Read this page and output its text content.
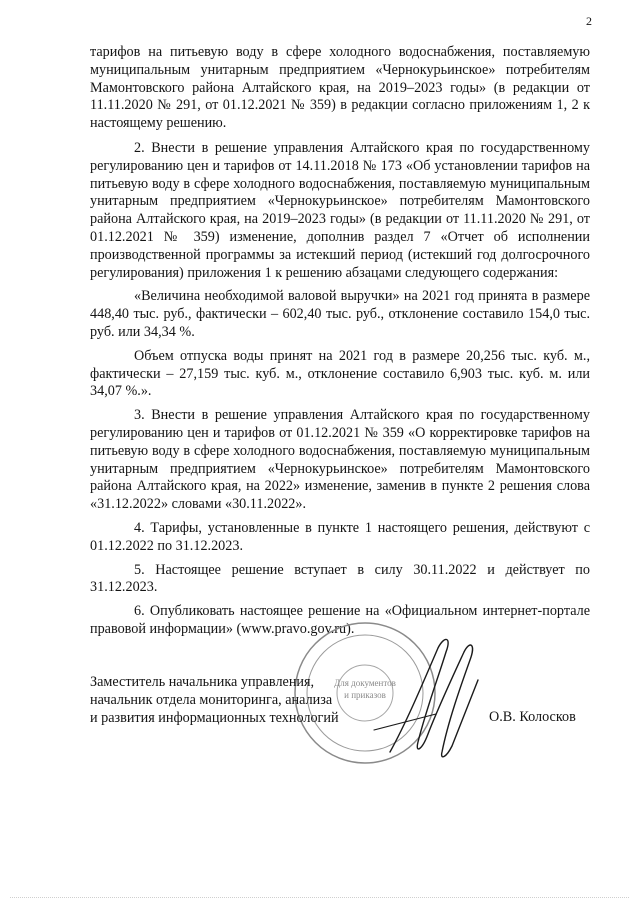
2

тарифов на питьевую воду в сфере холодного водоснабжения, поставляемую муниципальным унитарным предприятием «Чернокурьинское» потребителям Мамонтовского района Алтайского края, на 2019–2023 годы» (в редакции от 11.11.2020 № 291, от 01.12.2021 № 359) в редакции согласно приложениям 1, 2 к настоящему решению.

2. Внести в решение управления Алтайского края по государственному регулированию цен и тарифов от 14.11.2018 № 173 «Об установлении тарифов на питьевую воду в сфере холодного водоснабжения, поставляемую муниципальным унитарным предприятием «Чернокурьинское» потребителям Мамонтовского района Алтайского края, на 2019–2023 годы» (в редакции от 11.11.2020 № 291, от 01.12.2021 № 359) изменение, дополнив раздел 7 «Отчет об исполнении производственной программы за истекший период (истекший год долгосрочного регулирования) приложения 1 к решению абзацами следующего содержания:

«Величина необходимой валовой выручки» на 2021 год принята в размере 448,40 тыс. руб., фактически – 602,40 тыс. руб., отклонение составило 154,0 тыс. руб. или 34,34 %.

Объем отпуска воды принят на 2021 год в размере 20,256 тыс. куб. м., фактически – 27,159 тыс. куб. м., отклонение составило 6,903 тыс. куб. м. или 34,07 %.».

3. Внести в решение управления Алтайского края по государственному регулированию цен и тарифов от 01.12.2021 № 359 «О корректировке тарифов на питьевую воду в сфере холодного водоснабжения, поставляемую муниципальным унитарным предприятием «Чернокурьинское» потребителям Мамонтовского района Алтайского края, на 2022» изменение, заменив в пункте 2 решения слова «31.12.2022» словами «30.11.2022».

4. Тарифы, установленные в пункте 1 настоящего решения, действуют с 01.12.2022 по 31.12.2023.

5. Настоящее решение вступает в силу 30.11.2022 и действует по 31.12.2023.

6. Опубликовать настоящее решение на «Официальном интернет-портале правовой информации» (www.pravo.gov.ru).

Для документов
и приказов
Заместитель начальника управления,
начальник отдела мониторинга, анализа
и развития информационных технологий	О.В. Колосков
